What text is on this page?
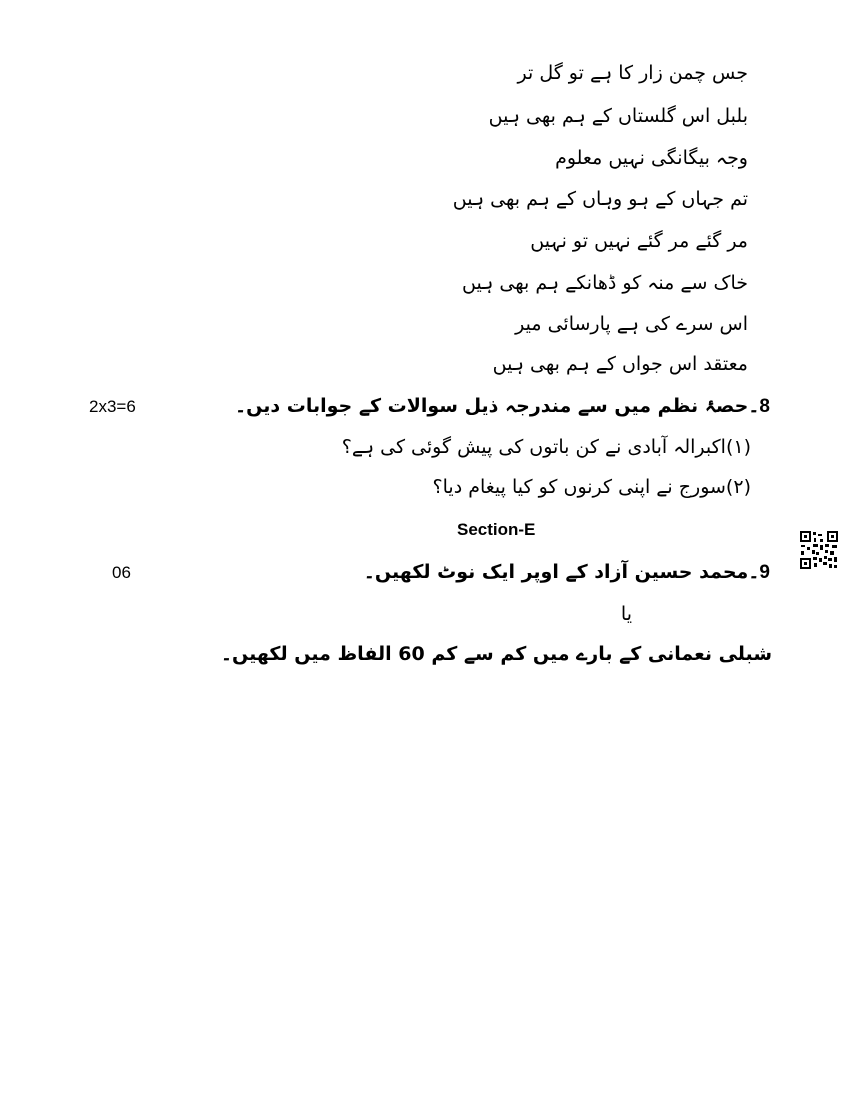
جس چمن زار کا ہے تو گل تر
بلبل اس گلستاں کے ہم بھی ہیں
وجہ بیگانگی نہیں معلوم
تم جہاں کے ہو وہاں کے ہم بھی ہیں
مر گئے مر گئے نہیں تو نہیں
خاک سے منہ کو ڈھانکے ہم بھی ہیں
اس سرے کی ہے پارسائی میر
معتقد اس جواں کے ہم بھی ہیں
2x3=6	8۔حصۂ نظم میں سے مندرجہ ذیل سوالات کے جوابات دیں۔
(۱)اکبرالہ آبادی نے کن باتوں کی پیش گوئی کی ہے؟
(۲)سورج نے اپنی کرنوں کو کیا پیغام دیا؟
Section-E
06	9۔محمد حسین آزاد کے اوپر ایک نوٹ لکھیں۔
یا
شبلی نعمانی کے بارے میں کم سے کم 60 الفاظ میں لکھیں۔
